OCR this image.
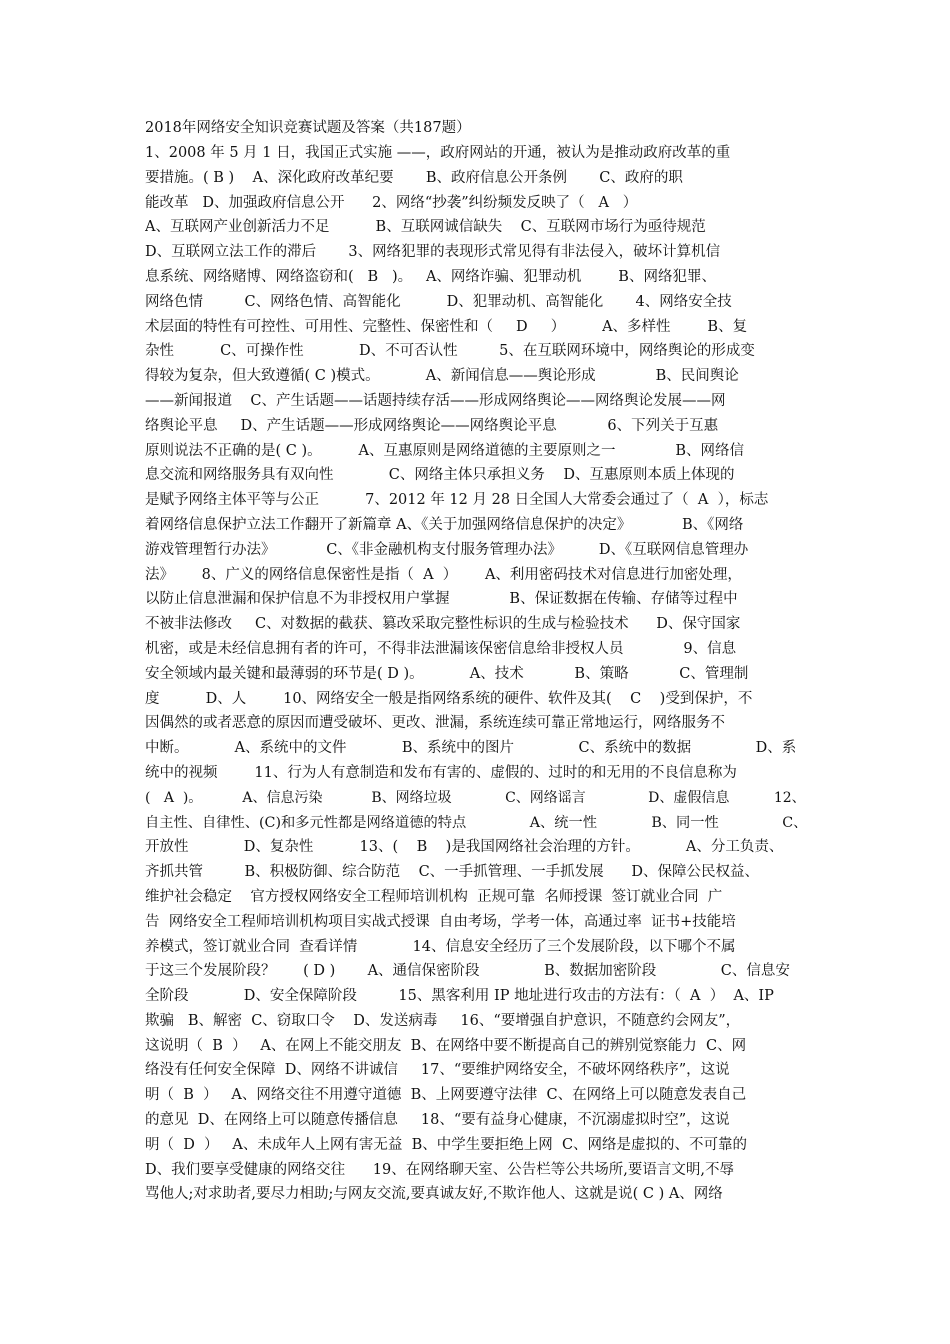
2018年网络安全知识竞赛试题及答案（共187题）
1、2008 年 5 月 1 日，我国正式实施 ——，政府网站的开通，被认为是推动政府改革的重
要措施。( B )    A、深化政府改革纪要       B、政府信息公开条例       C、政府的职
能改革   D、加强政府信息公开      2、网络“抄袭”纠纷频发反映了（   A   ）
A、互联网产业创新活力不足          B、互联网诚信缺失    C、互联网市场行为亟待规范
D、互联网立法工作的滞后       3、网络犯罪的表现形式常见得有非法侵入，破坏计算机信
息系统、网络赌博、网络盗窃和(   B   )。   A、网络诈骗、犯罪动机        B、网络犯罪、
网络色情         C、网络色情、高智能化          D、犯罪动机、高智能化       4、网络安全技
术层面的特性有可控性、可用性、完整性、保密性和（     D     ）        A、多样性        B、复
杂性          C、可操作性            D、不可否认性         5、在互联网环境中，网络舆论的形成变
得较为复杂，但大致遵循( C )模式。          A、新闻信息——舆论形成             B、民间舆论
——新闻报道    C、产生话题——话题持续存活——形成网络舆论——网络舆论发展——网
络舆论平息     D、产生话题——形成网络舆论——网络舆论平息           6、下列关于互惠
原则说法不正确的是( C )。        A、互惠原则是网络道德的主要原则之一             B、网络信
息交流和网络服务具有双向性            C、网络主体只承担义务    D、互惠原则本质上体现的
是赋予网络主体平等与公正          7、2012 年 12 月 28 日全国人大常委会通过了（  A  ），标志
着网络信息保护立法工作翻开了新篇章 A、《关于加强网络信息保护的决定》           B、《网络
游戏管理暂行办法》           C、《非金融机构支付服务管理办法》        D、《互联网信息管理办
法》      8、广义的网络信息保密性是指（  A  ）      A、利用密码技术对信息进行加密处理，
以防止信息泄漏和保护信息不为非授权用户掌握             B、保证数据在传输、存储等过程中
不被非法修改     C、对数据的截获、篡改采取完整性标识的生成与检验技术      D、保守国家
机密，或是未经信息拥有者的许可，不得非法泄漏该保密信息给非授权人员             9、信息
安全领域内最关键和最薄弱的环节是( D )。          A、技术           B、策略           C、管理制
度          D、人        10、网络安全一般是指网络系统的硬件、软件及其(    C    )受到保护，不
因偶然的或者恶意的原因而遭受破坏、更改、泄漏，系统连续可靠正常地运行，网络服务不
中断。          A、系统中的文件            B、系统中的图片              C、系统中的数据              D、系
统中的视频        11、行为人有意制造和发布有害的、虚假的、过时的和无用的不良信息称为
(   A  )。         A、信息污染           B、网络垃圾            C、网络谣言              D、虚假信息          12、
自主性、自律性、(C)和多元性都是网络道德的特点              A、统一性            B、同一性              C、
开放性            D、复杂性          13、(    B    )是我国网络社会治理的方针。          A、分工负责、
齐抓共管         B、积极防御、综合防范    C、一手抓管理、一手抓发展      D、保障公民权益、
维护社会稳定    官方授权网络安全工程师培训机构  正规可靠  名师授课  签订就业合同  广
告  网络安全工程师培训机构项目实战式授课  自由考场，学考一体，高通过率  证书+技能培
养模式，签订就业合同  查看详情            14、信息安全经历了三个发展阶段，以下哪个不属
于这三个发展阶段？      ( D )       A、通信保密阶段              B、数据加密阶段              C、信息安
全阶段            D、安全保障阶段         15、黑客利用 IP 地址进行攻击的方法有：（  A  ）  A、IP
欺骗   B、解密  C、窃取口令    D、发送病毒     16、“要增强自护意识，不随意约会网友”，
这说明（  B  ）   A、在网上不能交朋友  B、在网络中要不断提高自己的辨别觉察能力  C、网
络没有任何安全保障  D、网络不讲诚信     17、“要维护网络安全，不破坏网络秩序”，这说
明（  B  ）   A、网络交往不用遵守道德  B、上网要遵守法律  C、在网络上可以随意发表自己
的意见  D、在网络上可以随意传播信息     18、“要有益身心健康，不沉溺虚拟时空”，这说
明（  D  ）   A、未成年人上网有害无益  B、中学生要拒绝上网  C、网络是虚拟的、不可靠的
D、我们要享受健康的网络交往      19、在网络聊天室、公告栏等公共场所,要语言文明,不辱
骂他人;对求助者,要尽力相助;与网友交流,要真诚友好,不欺诈他人、这就是说( C ) A、网络
